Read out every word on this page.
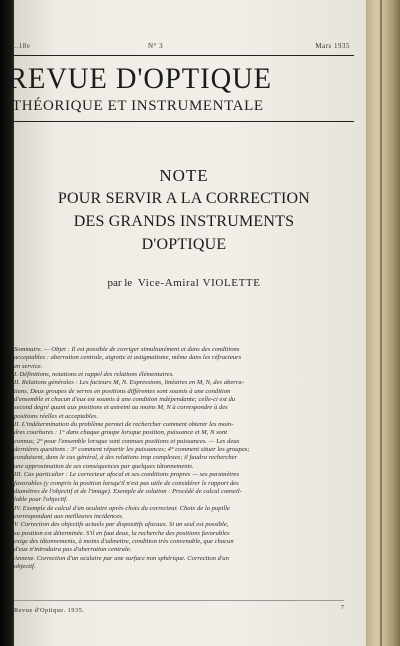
...18e	N° 3	Mars 1935
REVUE D'OPTIQUE
THÉORIQUE ET INSTRUMENTALE
NOTE
POUR SERVIR A LA CORRECTION
DES GRANDS INSTRUMENTS
D'OPTIQUE
par le Vice-Amiral VIOLETTE

Sommaire. — Objet : Il est possible de corriger simultanément et dans des conditions

acceptables : aberration centrale, aigrette et astigmatisme, même dans les réfracteurs

en service.

I. Définitions, notations et rappel des relations élémentaires.

II. Relations générales : Les facteurs M, N. Expressions, linéaires en M, N, des aberra-

tions. Deux groupes de verres en positions différentes sont soumis à une condition

d'ensemble et chacun d'eux est soumis à une condition indépendante; celle-ci est du

second degré quant aux positions et astreint au moins M, N à correspondre à des

positions réelles et acceptables.

II. L'indétermination du problème permet de rechercher comment obtenir les moin-

dres courbures : 1° dans chaque groupe lorsque position, puissance et M, N sont

connus; 2° pour l'ensemble lorsque sont connues positions et puissances. — Les deux

dernières questions : 3° comment répartir les puissances; 4° comment situer les groupes;

conduisent, dans le cas général, à des relations trop complexes; il faudra rechercher

une approximation de ses conséquences par quelques tâtonnements.

III. Cas particulier : Le correcteur afocal et ses conditions propres — ses paramètres

favorables (y compris la position lorsqu'il n'est pas utile de considérer le rapport des

diamètres de l'objectif et de l'image). Exemple de solution : Procédé de calcul conseil-

lable pour l'objectif.

IV. Exemple de calcul d'un oculaire après choix du correcteur. Choix de la pupille

correspondant aux meilleures incidences.

V. Correction des objectifs actuels par dispositifs afocaux. Si un seul est possible,

sa position est déterminée. S'il en faut deux, la recherche des positions favorables

exige des tâtonnements, à moins d'admettre, condition très convenable, que chacun

d'eux n'introduira pas d'aberration centrale.

Annexe. Correction d'un oculaire par une surface non sphérique. Correction d'un

objectif.

Revue d'Optique. 1935.	7
